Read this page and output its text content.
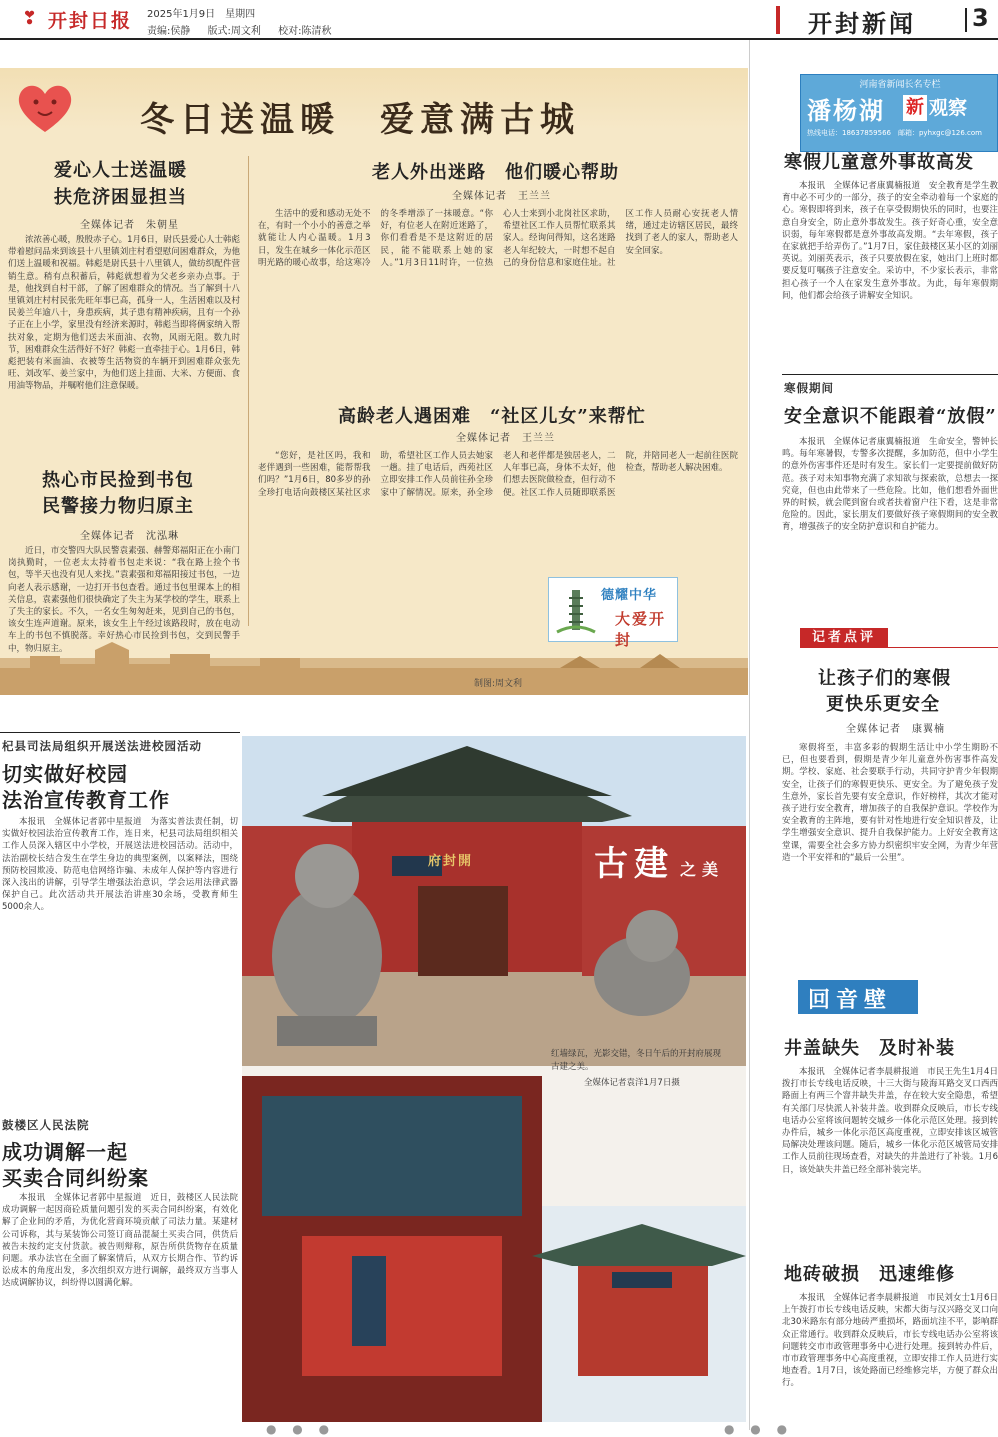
❣ 开封日报 2025年1月9日　星期四
责编:侯静 版式:周文利 校对:陈清秋	开封新闻 3
冬日送温暖 爱意满古城
爱心人士送温暖
扶危济困显担当
全媒体记者　朱朝星
浓浓善心暖，殷殷赤子心。1月6日，尉氏县爱心人士韩彪带着慰问品来到该县十八里镇刘庄村看望慰问困难群众，为他们送上温暖和祝福。韩彪是尉氏县十八里镇人，做纺织配件营销生意。稍有点积蓄后，韩彪就想着为父老乡亲办点事。于是，他找到自村干部，了解了困难群众的情况。当了解到十八里镇刘庄村村民张先旺年事已高，孤身一人，生活困难以及村民姜兰年逾八十，身患疾病，其子患有精神疾病，且有一个孙子正在上小学，家里没有经济来源时，韩彪当即将俩家纳入帮扶对象，定期为他们送去米面油、衣物，风雨无阻。数九时节，困难群众生活得好不好？韩彪一直牵挂于心。1月6日，韩彪把装有米面油、衣被等生活物资的车辆开到困难群众张先旺、刘改军、姜兰家中，为他们送上挂面、大米、方便面、食用油等物品，并嘱咐他们注意保暖。
热心市民捡到书包
民警接力物归原主
全媒体记者　沈泓琳
近日，市交警四大队民警袁素强、赫警郑福阳正在小南门岗执勤时，一位老太太持着书包走来说：“我在路上捡个书包，等半天也没有见人来找。”袁素强和郑福阳接过书包，一边向老人表示感谢，一边打开书包查看。通过书包里课本上的相关信息，袁素强他们很快确定了失主为某学校的学生，联系上了失主的家长。不久，一名女生匆匆赶来，见到自己的书包，该女生连声道谢。原来，该女生上午经过该路段时，放在电动车上的书包不慎脱落。幸好热心市民捡到书包，交到民警手中，物归原主。
老人外出迷路　他们暖心帮助
全媒体记者　王兰兰
生活中的爱和感动无处不在，有时一个小小的善意之举就能让人内心温暖。1月3日，发生在城乡一体化示范区明光路的暖心故事，给这寒冷的冬季增添了一抹暖意。“你好，有位老人在附近迷路了，你们看看是不是这附近的居民，能不能联系上她的家人。”1月3日11时许，一位热心人士来到小北岗社区求助，希望社区工作人员帮忙联系其家人。经询问得知，这名迷路老人年纪较大，一时想不起自己的身份信息和家庭住址。社区工作人员耐心安抚老人情绪，通过走访辖区居民，最终找到了老人的家人，帮助老人安全回家。
高龄老人遇困难　“社区儿女”来帮忙
全媒体记者　王兰兰
“您好，是社区吗，我和老伴遇到一些困难，能帮帮我们吗？”1月6日，80多岁的孙全珍打电话向鼓楼区某社区求助，希望社区工作人员去她家一趟。挂了电话后，西苑社区立即安排工作人员前往孙全珍家中了解情况。原来，孙全珍老人和老伴都是独居老人，二人年事已高，身体不太好，他们想去医院做检查，但行动不便。社区工作人员随即联系医院，并陪同老人一起前往医院检查，帮助老人解决困难。
制图:周文利
德耀中华
大爱开封
杞县司法局组织开展送法进校园活动
切实做好校园
法治宣传教育工作
本报讯　全媒体记者郭中星报道　为落实普法责任制，切实做好校园法治宣传教育工作，连日来，杞县司法局组织相关工作人员深入辖区中小学校，开展送法进校园活动。活动中，法治副校长结合发生在学生身边的典型案例，以案释法，围绕预防校园欺凌、防范电信网络诈骗、未成年人保护等内容进行深入浅出的讲解，引导学生增强法治意识，学会运用法律武器保护自己。此次活动共开展法治讲座30余场，受教育师生5000余人。
鼓楼区人民法院
成功调解一起
买卖合同纠纷案
本报讯　全媒体记者郭中星报道　近日，鼓楼区人民法院成功调解一起因商砼质量问题引发的买卖合同纠纷案，有效化解了企业间的矛盾，为优化营商环境贡献了司法力量。某建材公司诉称，其与某装饰公司签订商品混凝土买卖合同，供货后被告未按约定支付货款。被告则辩称，原告所供货物存在质量问题。承办法官在全面了解案情后，从双方长期合作、节约诉讼成本的角度出发，多次组织双方进行调解，最终双方当事人达成调解协议，纠纷得以圆满化解。
古建 之美
府封開
红墙绿瓦，光影交错，冬日午后的开封府展现古建之美。
全媒体记者袁洋1月7日摄
河南省新闻长名专栏
潘杨湖 新 观察
热线电话：18637859566　邮箱：pyhxgc@126.com
寒假儿童意外事故高发
本报讯　全媒体记者康翼楠报道　安全教育是学生教育中必不可少的一部分，孩子的安全牵动着每一个家庭的心。寒假即将到来，孩子在享受假期快乐的同时，也要注意自身安全，防止意外事故发生。孩子好奇心重，安全意识弱，每年寒假都是意外事故高发期。“去年寒假，孩子在家就把手给弄伤了。”1月7日，家住鼓楼区某小区的刘丽英说。刘丽英表示，孩子只要放假在家，她出门上班时都要反复叮嘱孩子注意安全。采访中，不少家长表示，非常担心孩子一个人在家发生意外事故。为此，每年寒假期间，他们都会给孩子讲解安全知识。
寒假期间
安全意识不能跟着“放假”
本报讯　全媒体记者康翼楠报道　生命安全，警钟长鸣。每年寒暑假，专警多次提醒，多加防范，但中小学生的意外伤害事件还是时有发生。家长们一定要提前做好防范。孩子对未知事物充满了求知欲与探索欲，总想去一探究竟，但也由此带来了一些危险。比如，他们想看外面世界的时候，就会爬到窗台或者扶着窗户往下看，这是非常危险的。因此，家长朋友们要做好孩子寒假期间的安全教育，增强孩子的安全防护意识和自护能力。
记者点评
让孩子们的寒假
更快乐更安全
全媒体记者　康翼楠
寒假将至，丰富多彩的假期生活让中小学生期盼不已，但也要看到，假期是青少年儿童意外伤害事件高发期。学校、家庭、社会要联手行动，共同守护青少年假期安全，让孩子们的寒假更快乐、更安全。为了避免孩子发生意外，家长首先要有安全意识，作好榜样，其次才能对孩子进行安全教育，增加孩子的自我保护意识。学校作为安全教育的主阵地，要有针对性地进行安全知识普及，让学生增强安全意识、提升自我保护能力。上好安全教育这堂课，需要全社会多方协力织密织牢安全网，为青少年营造一个平安祥和的“最后一公里”。
回音壁
井盖缺失　及时补装
本报讯　全媒体记者李晨耕报道　市民王先生1月4日拨打市长专线电话反映，十三大街与陵海耳路交叉口西西路面上有两三个窨井缺失井盖，存在较大安全隐患，希望有关部门尽快派人补装井盖。收到群众反映后，市长专线电话办公室将该问题转交城乡一体化示范区处理。接到转办件后，城乡一体化示范区高度重视，立即安排该区城管局解决处理该问题。随后，城乡一体化示范区城管局安排工作人员前往现场查看，对缺失的井盖进行了补装。1月6日，该处缺失井盖已经全部补装完毕。
地砖破损　迅速维修
本报讯　全媒体记者李晨耕报道　市民刘女士1月6日上午拨打市长专线电话反映，宋都大街与汉兴路交叉口向北30米路东有部分地砖严重损坏，路面坑洼不平，影响群众正常通行。收到群众反映后，市长专线电话办公室将该问题转交市市政管理事务中心进行处理。接到转办件后，市市政管理事务中心高度重视，立即安排工作人员进行实地查看。1月7日，该处路面已经维修完毕，方便了群众出行。
● ● ●	● ● ●
